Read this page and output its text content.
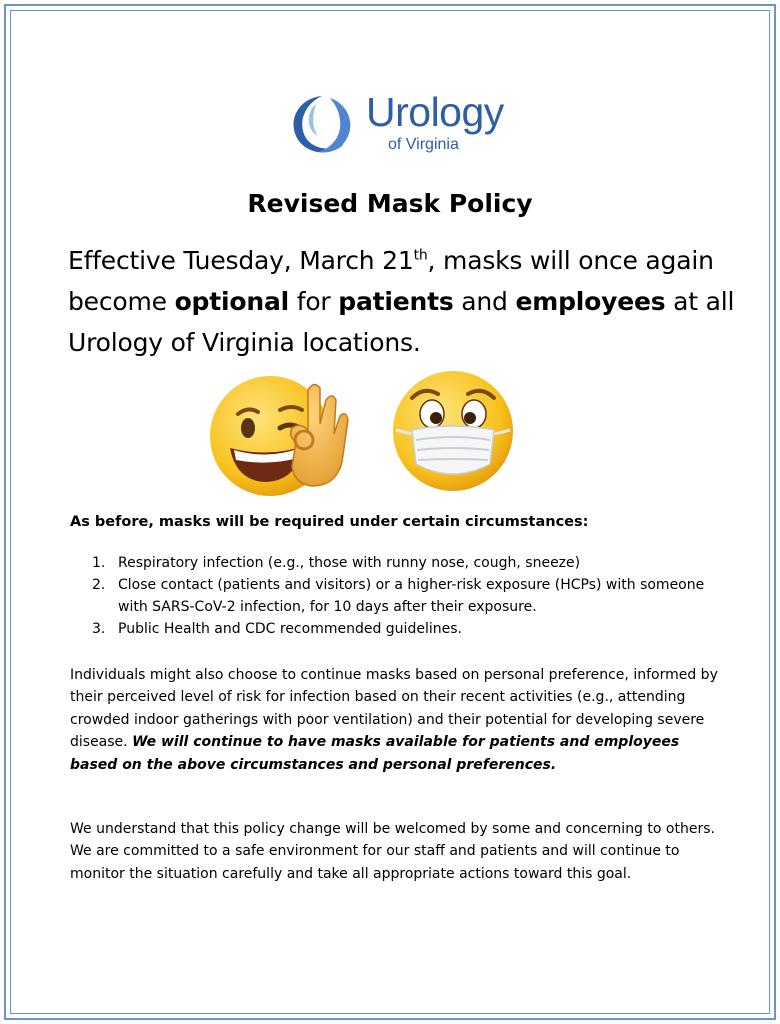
Urology
of Virginia
Revised Mask Policy
Effective Tuesday, March 21th, masks will once again become optional for patients and employees at all Urology of Virginia locations.
As before, masks will be required under certain circumstances:
1. Respiratory infection (e.g., those with runny nose, cough, sneeze)
2. Close contact (patients and visitors) or a higher-risk exposure (HCPs) with someone with SARS-CoV-2 infection, for 10 days after their exposure.
3. Public Health and CDC recommended guidelines.
Individuals might also choose to continue masks based on personal preference, informed by their perceived level of risk for infection based on their recent activities (e.g., attending crowded indoor gatherings with poor ventilation) and their potential for developing severe disease. We will continue to have masks available for patients and employees based on the above circumstances and personal preferences.
We understand that this policy change will be welcomed by some and concerning to others. We are committed to a safe environment for our staff and patients and will continue to monitor the situation carefully and take all appropriate actions toward this goal.
